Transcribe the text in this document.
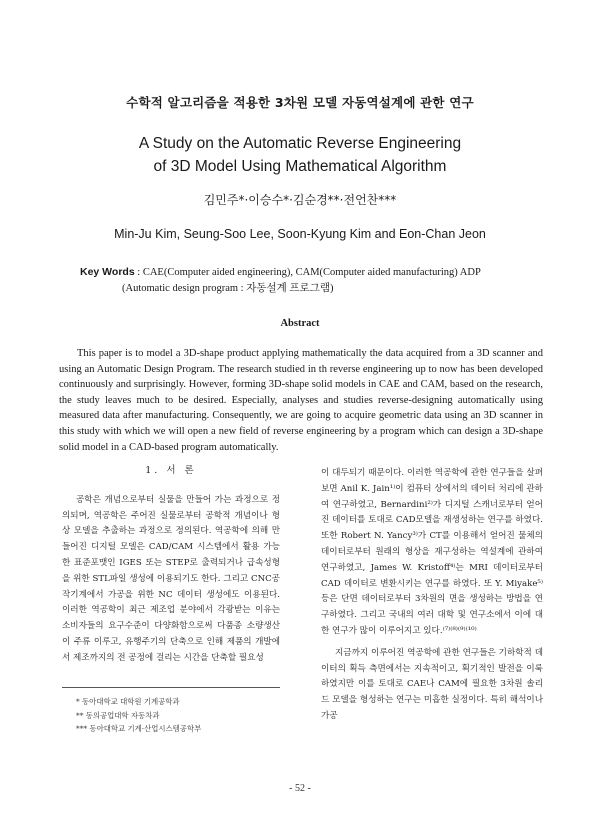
수학적 알고리즘을 적용한 3차원 모델 자동역설계에 관한 연구
A Study on the Automatic Reverse Engineering
of 3D Model Using Mathematical Algorithm
김민주*·이승수*·김순경**·전언찬***
Min-Ju Kim, Seung-Soo Lee, Soon-Kyung Kim and Eon-Chan Jeon
Key Words : CAE(Computer aided engineering), CAM(Computer aided manufacturing) ADP
(Automatic design program : 자동설계 프로그램)
Abstract
This paper is to model a 3D-shape product applying mathematically the data acquired from a 3D scanner and using an Automatic Design Program. The research studied in th reverse engineering up to now has been developed continuously and surprisingly. However, forming 3D-shape solid models in CAE and CAM, based on the research, the study leaves much to be desired. Especially, analyses and studies reverse-designing automatically using measured data after manufacturing. Consequently, we are going to acquire geometric data using an 3D scanner in this study with which we will open a new field of reverse engineering by a program which can design a 3D-shape solid model in a CAD-based program automatically.
1. 서 론
공학은 개념으로부터 실물을 만들어 가는 과정으로 정의되며, 역공학은 주어진 실물로부터 공학적 개념이나 형상 모델을 추출하는 과정으로 정의된다. 역공학에 의해 만들어진 디지털 모델은 CAD/CAM 시스템에서 활용 가능한 표준포맷인 IGES 또는 STEP로 출력되거나 급속성형을 위한 STL파일 생성에 이용되기도 한다. 그리고 CNC공작기계에서 가공을 위한 NC 데이터 생성에도 이용된다. 이러한 역공학이 최근 제조업 분야에서 각광받는 이유는 소비자들의 요구수준이 다양화함으로써 다품종 소량생산이 주류 이루고, 유행주기의 단축으로 인해 제품의 개발에서 제조까지의 전 공정에 걸리는 시간을 단축할 필요성
이 대두되기 때문이다. 이러한 역공학에 관한 연구들을 살펴보면 Anil K. Jain¹⁾이 컴퓨터 상에서의 데이터 처리에 관하여 연구하였고, Bernardini²⁾가 디지털 스캐너로부터 얻어진 데이터를 토대로 CAD모델을 재생성하는 연구를 하였다. 또한 Robert N. Yancy³⁾가 CT를 이용해서 얻어진 물체의 데이터로부터 원래의 형상을 재구성하는 역설계에 관하여 연구하였고, James W. Kristoff⁴⁾는 MRI 데이터로부터 CAD 데이터로 변환시키는 연구를 하였다. 또 Y. Miyake⁵⁾등은 단면 데이터로부터 3차원의 면을 생성하는 방법을 연구하였다. 그리고 국내의 여러 대학 및 연구소에서 이에 대한 연구가 많이 이루어지고 있다.⁽⁷⁾⁽⁸⁾⁽⁹⁾⁽¹⁰⁾
지금까지 이루어진 역공학에 관한 연구들은 기하학적 데이터의 획득 측면에서는 지속적이고, 획기적인 발전을 이룩하였지만 이를 토대로 CAE나 CAM에 필요한 3차원 솔리드 모델을 형성하는 연구는 미흡한 실정이다. 특히 해석이나 가공
* 동아대학교 대학원 기계공학과
** 동의공업대학 자동차과
*** 동아대학교 기계·산업시스템공학부
- 52 -
